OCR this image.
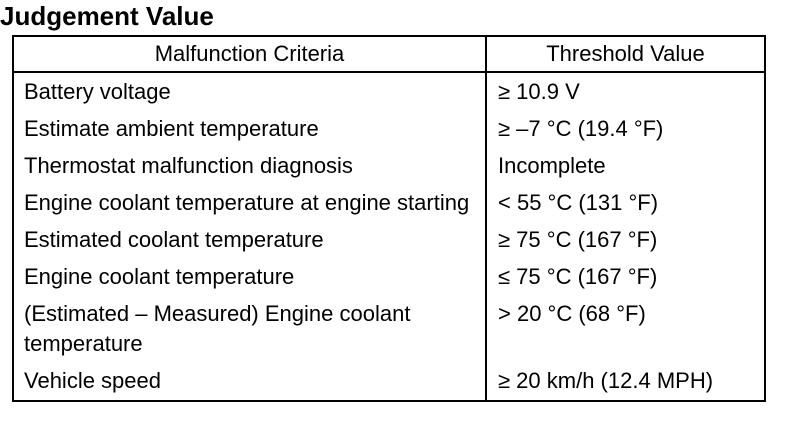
Judgement Value
Malfunction Criteria	Threshold Value
Battery voltage	≥ 10.9 V
Estimate ambient temperature	≥ –7 °C (19.4 °F)
Thermostat malfunction diagnosis	Incomplete
Engine coolant temperature at engine starting	< 55 °C (131 °F)
Estimated coolant temperature	≥ 75 °C (167 °F)
Engine coolant temperature	≤ 75 °C (167 °F)
(Estimated – Measured) Engine coolant temperature	> 20 °C (68 °F)
Vehicle speed	≥ 20 km/h (12.4 MPH)
